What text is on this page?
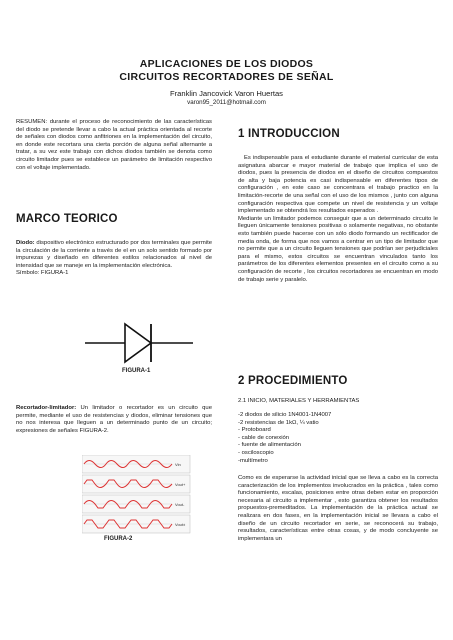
APLICACIONES DE LOS DIODOS
CIRCUITOS RECORTADORES DE SEÑAL
Franklin Jancovick Varon Huertas
varon95_2011@hotmail.com

RESUMEN: durante el proceso de reconocimiento de las características del diodo se pretende llevar a cabo la actual práctica orientada al recorte de señales con diodos como anfitriones en la implementación del circuito, en donde este recortara una cierta porción de alguna señal alternante a tratar, a su vez este trabajo con dichos diodos también se denota como circuito limitador pues se establece un parámetro de limitación respectivo con el voltaje implementado.

MARCO TEORICO

Diodo: dispositivo electrónico estructurado por dos terminales que permite la circulación de la corriente a través de el en un solo sentido formado por impurezas y diseñado en diferentes estilos relacionados al nivel de intensidad que se maneje en la implementación electrónica.

Símbolo: FIGURA-1

FIGURA-1

Recortador-limitador: Un limitador o recortador es un circuito que permite, mediante el uso de resistencias y diodos, eliminar tensiones que no nos interesa que lleguen a un determinado punto de un circuito; expresiones de señales FIGURA-2.

Vin
Vout+
Vout-
Vout±
FIGURA-2
1 INTRODUCCION

Es indispensable para el estudiante durante el material curricular de esta asignatura abarcar e mayor material de trabajo que implica el uso de diodos, pues la presencia de diodos en el diseño de circuitos compuestos de alta y baja potencia es casi indispensable en diferentes tipos de configuración , en este caso se concentrara el trabajo practico en la limitación-recorte de una señal con el uso de los mismos , junto con alguna configuración respectiva que compete un nivel de resistencia y un voltaje implementado se obtendrá los resultados esperados .

Mediante un limitador podemos conseguir que a un determinado circuito le lleguen únicamente tensiones positivas o solamente negativas, no obstante esto también puede hacerse con un sólo diodo formando un rectificador de media onda, de forma que nos vamos a centrar en un tipo de limitador que no permite que a un circuito lleguen tensiones que podrían ser perjudiciales para el mismo, estos circuitos se encuentran vinculados tanto los parámetros de los diferentes elementos presentes en el circuito como a su configuración de recorte , los circuitos recortadores se encuentran en modo de trabajo serie y paralelo.

2 PROCEDIMIENTO
2.1 INICIO, MATERIALES Y HERRAMIENTAS
-2 diodos de silicio 1N4001-1N4007
-2 resistencias de 1kΩ, ¼ vatio
- Protoboard
- cable de conexión
- fuente de alimentación
- osciloscopio
-multímetro

Como es de esperarse la actividad inicial que se lleva a cabo es la correcta caracterización de los implementos involucrados en la práctica , tales como funcionamiento, escalas, posiciones entre otras deben estar en proporción necesaria al circuito a implementar , esto garantiza obtener los resultados propuestos-premeditados. La implementación de la práctica actual se realizara en dos fases, en la implementación inicial se llevara a cabo el diseño de un circuito recortador en serie, se reconocerá su trabajo, resultados, características entre otras cosas, y de modo concluyente se implementara un
